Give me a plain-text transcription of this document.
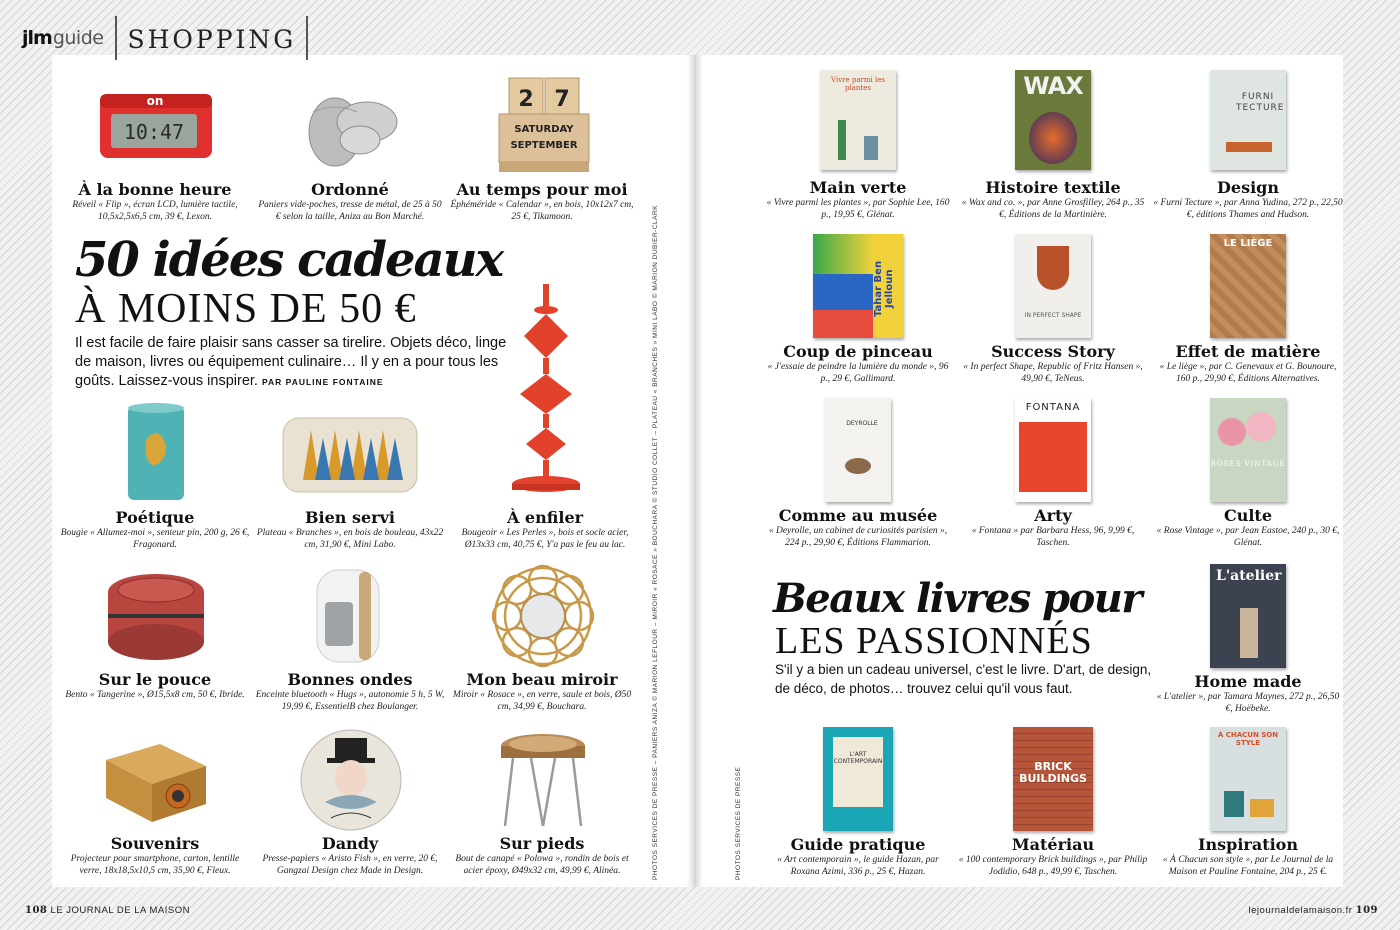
jlm guide SHOPPING
on
10:47
À la bonne heure
Réveil « Flip », écran LCD, lumière tactile, 10,5x2,5x6,5 cm, 39 €, Lexon.
Ordonné
Paniers vide-poches, tresse de métal, de 25 à 50 € selon la taille, Aniza au Bon Marché.
2 7
SATURDAY
SEPTEMBER
Au temps pour moi
Éphéméride « Calendar », en bois, 10x12x7 cm, 25 €, Tikamoon.
50 idées cadeaux
À MOINS DE 50 €
Il est facile de faire plaisir sans casser sa tirelire. Objets déco, linge de maison, livres ou équipement culinaire… Il y en a pour tous les goûts. Laissez-vous inspirer. PAR PAULINE FONTAINE
Poétique
Bougie « Allumez-moi », senteur pin, 200 g, 26 €, Fragonard.
Bien servi
Plateau « Branches », en bois de bouleau, 43x22 cm, 31,90 €, Mini Labo.
À enfiler
Bougeoir « Les Perles », bois et socle acier, Ø13x33 cm, 40,75 €, Y'a pas le feu au lac.
Sur le pouce
Bento « Tangerine », Ø15,5x8 cm, 50 €, Ibride.
Bonnes ondes
Enceinte bluetooth « Hugs », autonomie 5 h, 5 W, 19,99 €, EssentielB chez Boulanger.
Mon beau miroir
Miroir « Rosace », en verre, saule et bois, Ø50 cm, 34,99 €, Bouchara.
Souvenirs
Projecteur pour smartphone, carton, lentille verre, 18x18,5x10,5 cm, 35,90 €, Fleux.
Dandy
Presse-papiers « Aristo Fish », en verre, 20 €, Gangzai Design chez Made in Design.
Sur pieds
Bout de canapé « Polowa », rondin de bois et acier époxy, Ø49x32 cm, 49,99 €, Alinéa.	PHOTOS SERVICES DE PRESSE – PANIERS ANIZA © MARION LEFLOUR – MIROIR « ROSACE » BOUCHARA © STUDIO COLLET – PLATEAU « BRANCHES » MINI LABO © MARION DUBIER-CLARK
Vivre parmi les plantes
Main verte
« Vivre parmi les plantes », par Sophie Lee, 160 p., 19,95 €, Glénat.
WAX
Histoire textile
« Wax and co. », par Anne Grosfilley, 264 p., 35 €, Éditions de la Martinière.
FURNI TECTURE
Design
« Furni Tecture », par Anna Yudina, 272 p., 22,50 €, éditions Thames and Hudson.
Tahar Ben Jelloun
Coup de pinceau
« J'essaie de peindre la lumière du monde », 96 p., 29 €, Gallimard.
IN PERFECT SHAPE
Success Story
« In perfect Shape, Republic of Fritz Hansen », 49,90 €, TeNeus.
LE LIÈGE
Effet de matière
« Le liège », par C. Genevaux et G. Bounoure, 160 p., 29,90 €, Éditions Alternatives.
DEYROLLE
Comme au musée
« Deyrolle, un cabinet de curiosités parisien », 224 p., 29,90 €, Éditions Flammarion.
FONTANA
Arty
« Fontana » par Barbara Hess, 96, 9,99 €, Taschen.
ROSES VINTAGE
Culte
« Rose Vintage », par Jean Eastoe, 240 p., 30 €, Glénat.
Beaux livres pour
LES PASSIONNÉS
S'il y a bien un cadeau universel, c'est le livre. D'art, de design, de déco, de photos… trouvez celui qu'il vous faut.
L'atelier
Home made
« L'atelier », par Tamara Maynes, 272 p., 26,50 €, Hoëbeke.
L'ART CONTEMPORAIN
Guide pratique
« Art contemporain », le guide Hazan, par Roxana Azimi, 336 p., 25 €, Hazan.
BRICK BUILDINGS
Matériau
« 100 contemporary Brick buildings », par Philip Jodidio, 648 p., 49,99 €, Taschen.
À CHACUN SON STYLE
Inspiration
« À Chacun son style », par Le Journal de la Maison et Pauline Fontaine, 204 p., 25 €.
PHOTOS SERVICES DE PRESSE
108 LE JOURNAL DE LA MAISON	lejournaldelamaison.fr 109
